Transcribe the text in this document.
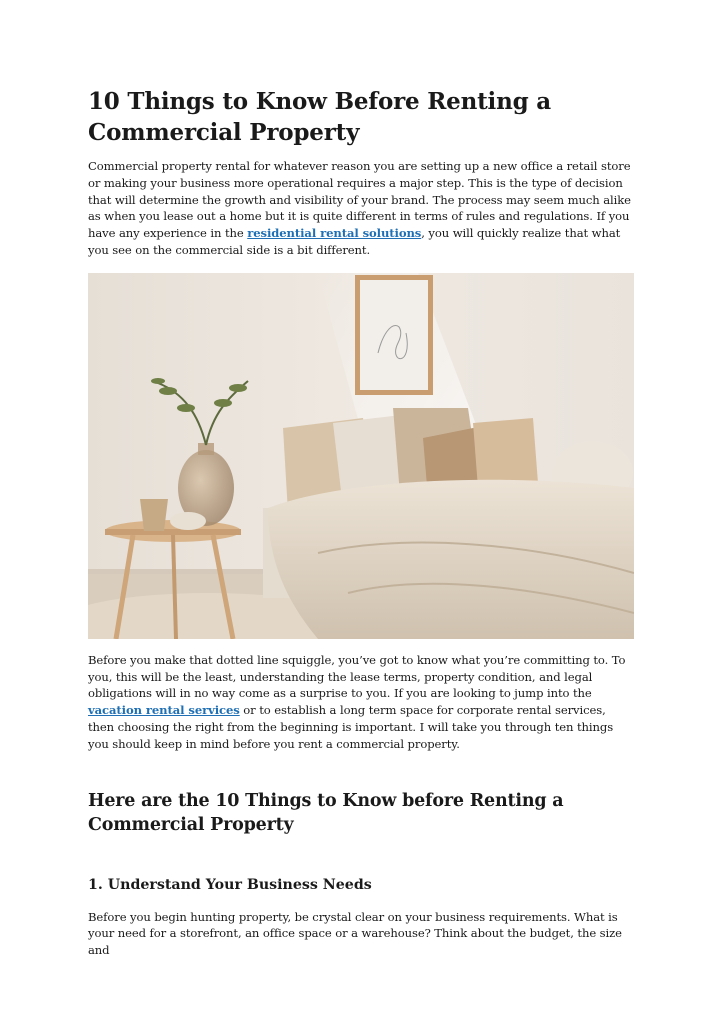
10 Things to Know Before Renting a Commercial Property

Commercial property rental for whatever reason you are setting up a new office a retail store or making your business more operational requires a major step. This is the type of decision that will determine the growth and visibility of your brand. The process may seem much alike as when you lease out a home but it is quite different in terms of rules and regulations. If you have any experience in the residential rental solutions, you will quickly realize that what you see on the commercial side is a bit different.

Before you make that dotted line squiggle, you’ve got to know what you’re committing to. To you, this will be the least, understanding the lease terms, property condition, and legal obligations will in no way come as a surprise to you. If you are looking to jump into the vacation rental services or to establish a long term space for corporate rental services, then choosing the right from the beginning is important. I will take you through ten things you should keep in mind before you rent a commercial property.

Here are the 10 Things to Know before Renting a Commercial Property
1. Understand Your Business Needs

Before you begin hunting property, be crystal clear on your business requirements. What is your need for a storefront, an office space or a warehouse? Think about the budget, the size and
